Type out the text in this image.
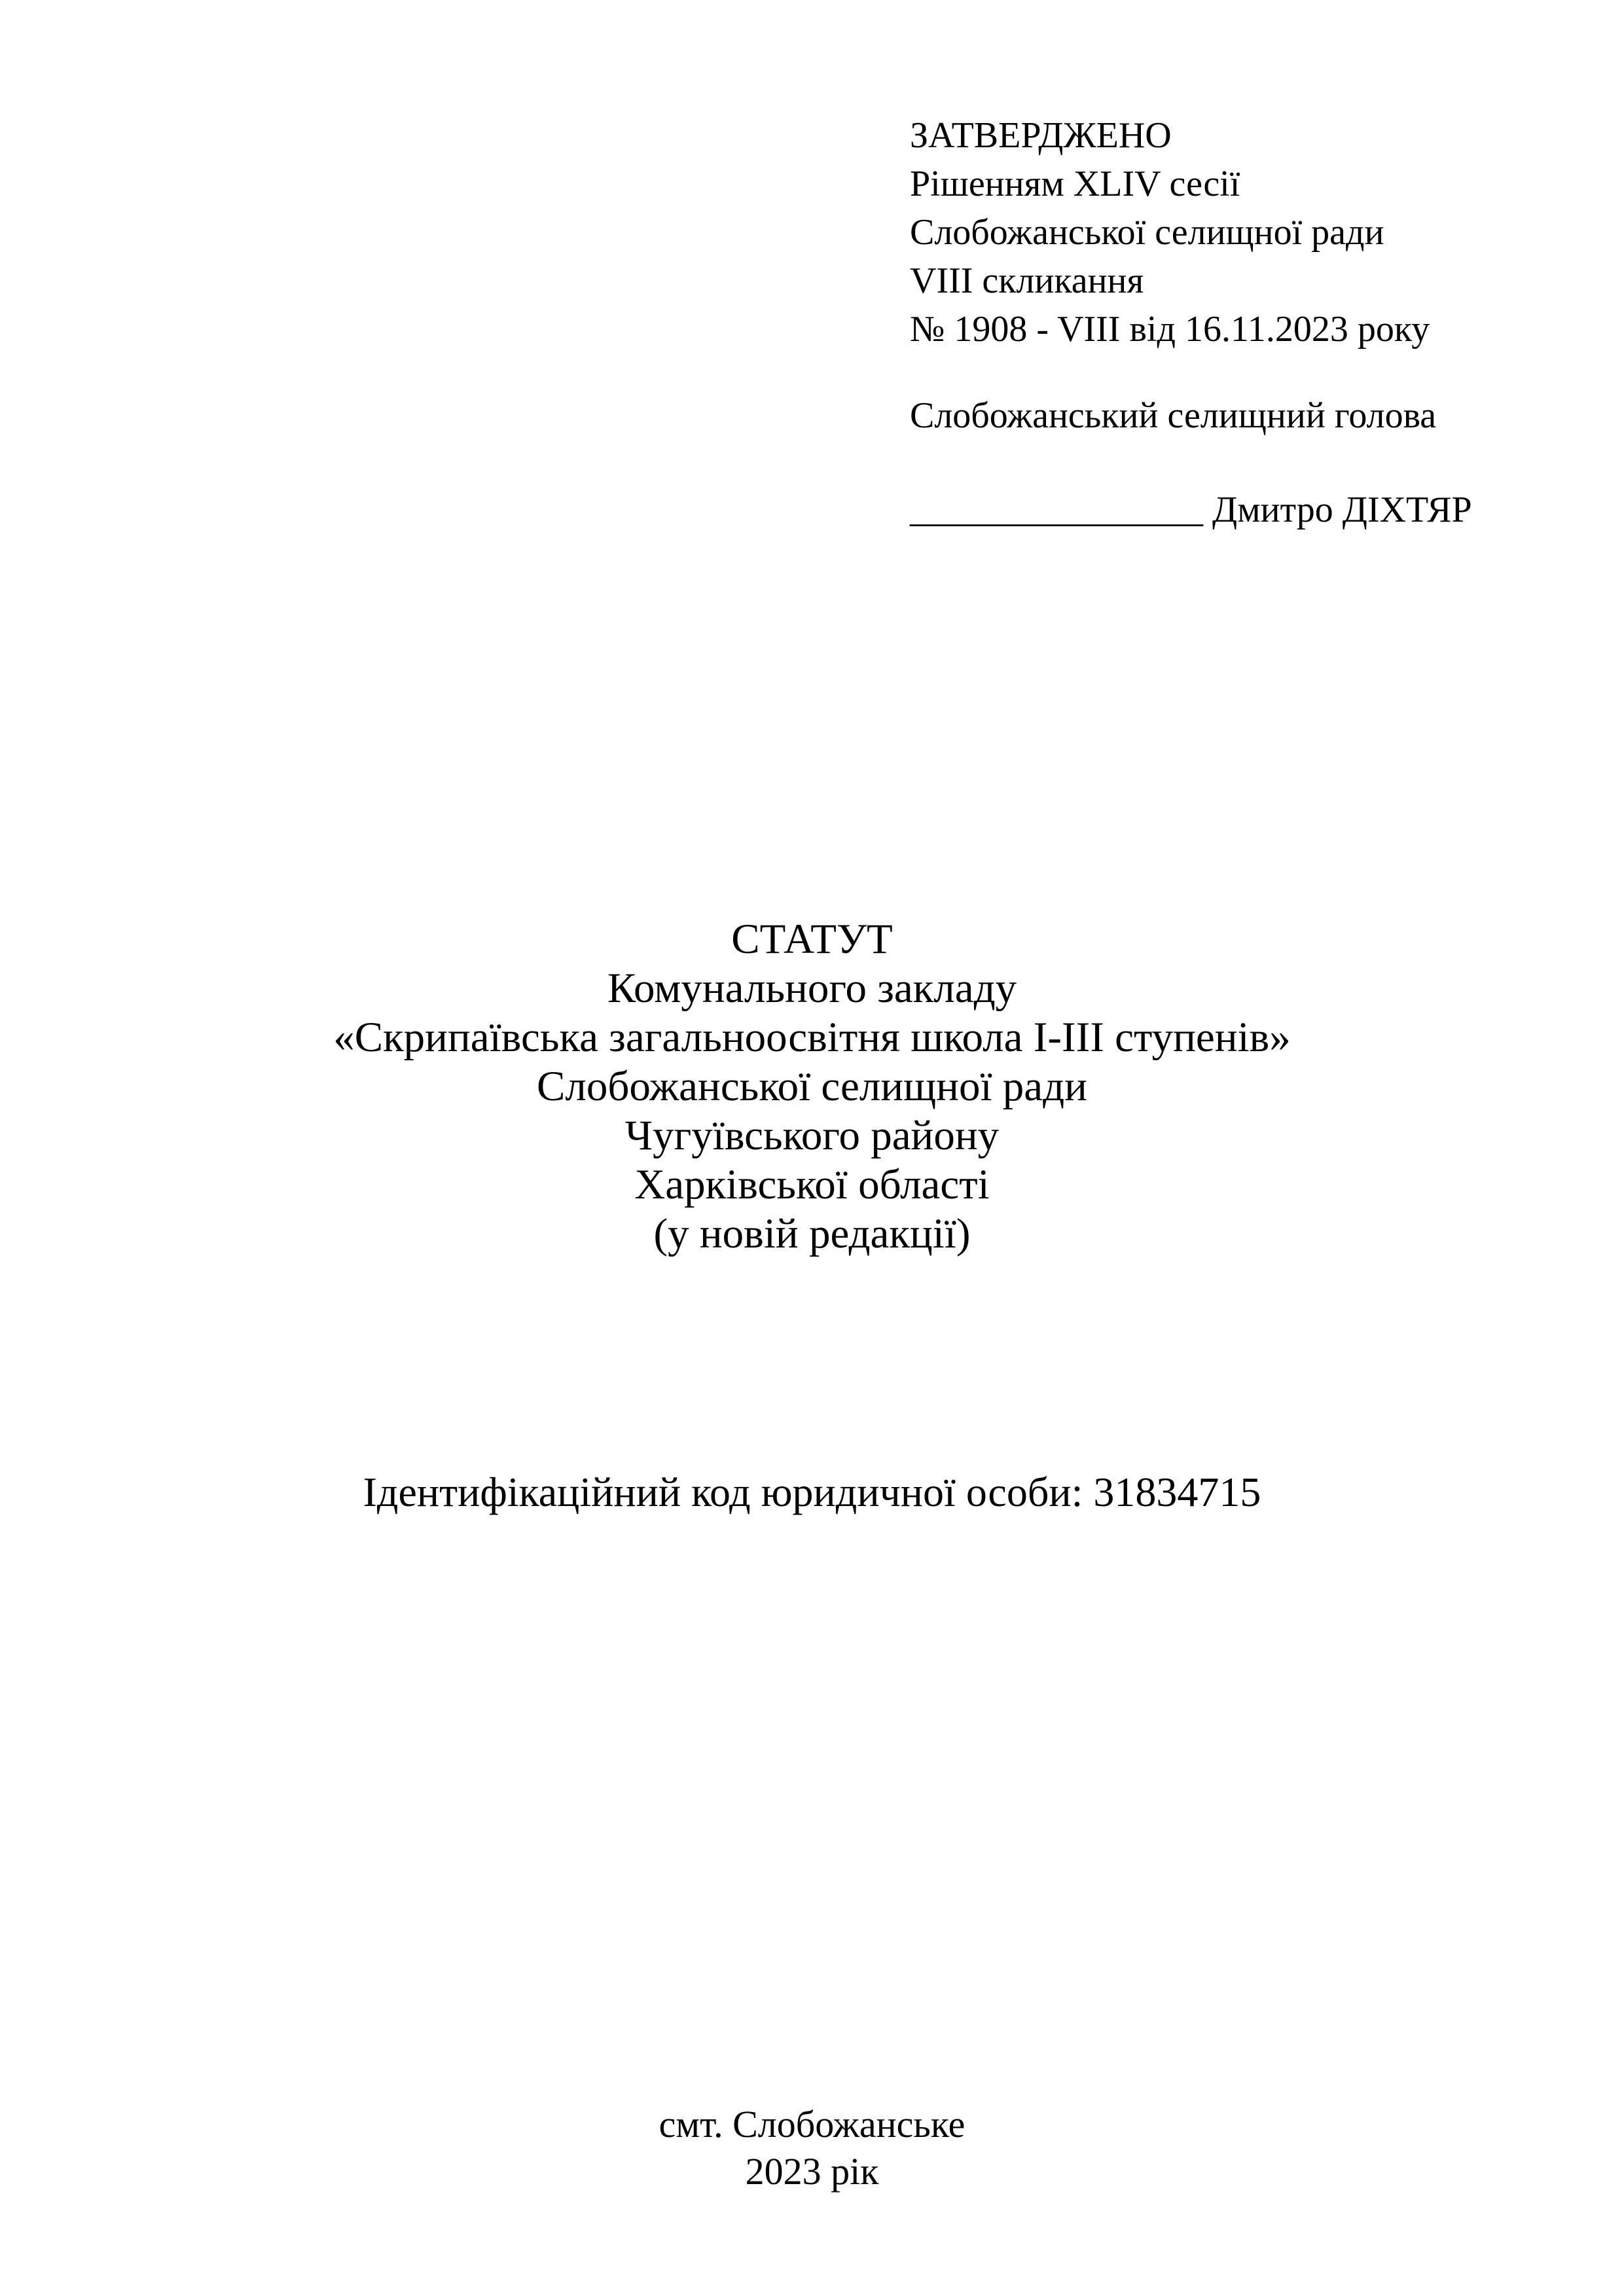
ЗАТВЕРДЖЕНО
Рішенням XLIV сесії
Слобожанської селищної ради
VIII скликання
№ 1908 - VIII від 16.11.2023 року
Слобожанський селищний голова
________________ Дмитро ДІХТЯР
СТАТУТ
Комунального закладу
«Скрипаївська загальноосвітня школа I-III ступенів»
Слобожанської селищної ради
Чугуївського району
Харківської області
(у новій редакції)
Ідентифікаційний код юридичної особи: 31834715
смт. Слобожанське
2023 рік
